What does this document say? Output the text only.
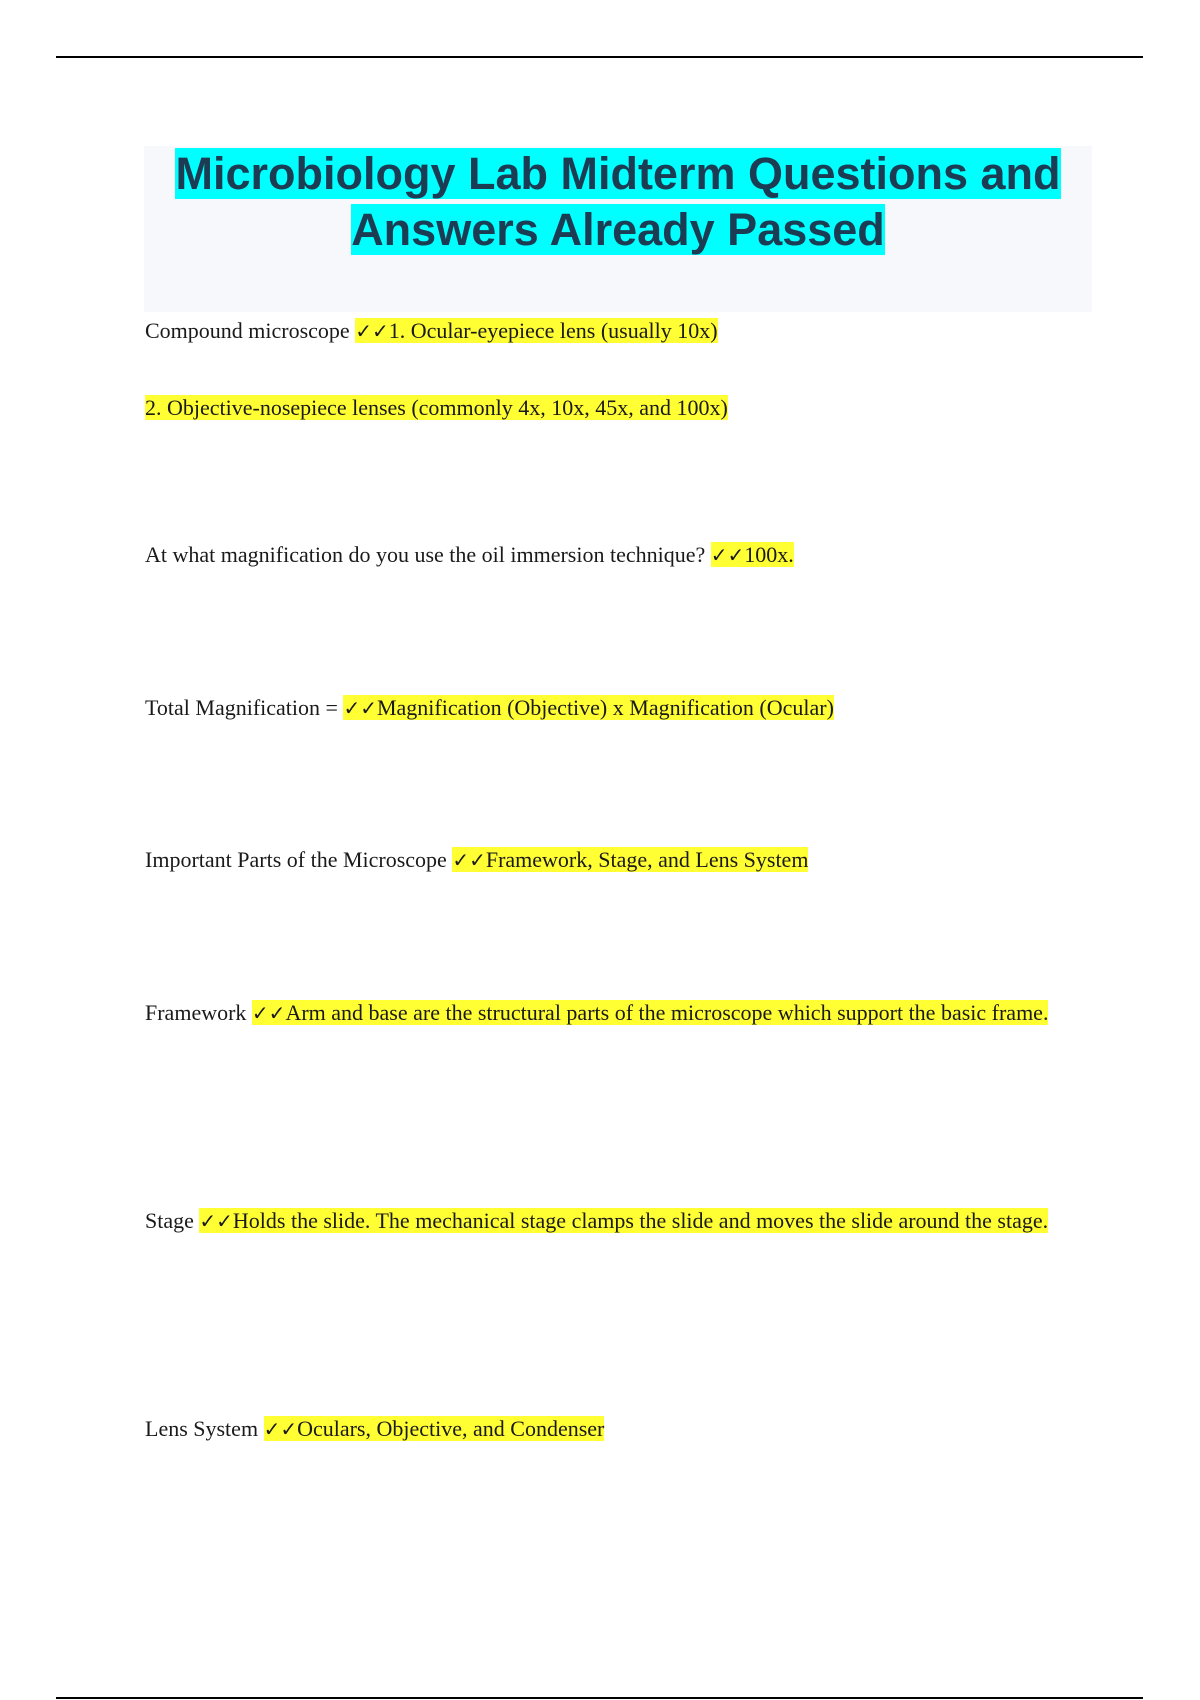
Microbiology Lab Midterm Questions and Answers Already Passed

Compound microscope ✓✓1. Ocular-eyepiece lens (usually 10x)

2. Objective-nosepiece lenses (commonly 4x, 10x, 45x, and 100x)

At what magnification do you use the oil immersion technique? ✓✓100x.

Total Magnification = ✓✓Magnification (Objective) x Magnification (Ocular)

Important Parts of the Microscope ✓✓Framework, Stage, and Lens System

Framework ✓✓Arm and base are the structural parts of the microscope which support the basic frame.

Stage ✓✓Holds the slide. The mechanical stage clamps the slide and moves the slide around the stage.

Lens System ✓✓Oculars, Objective, and Condenser
